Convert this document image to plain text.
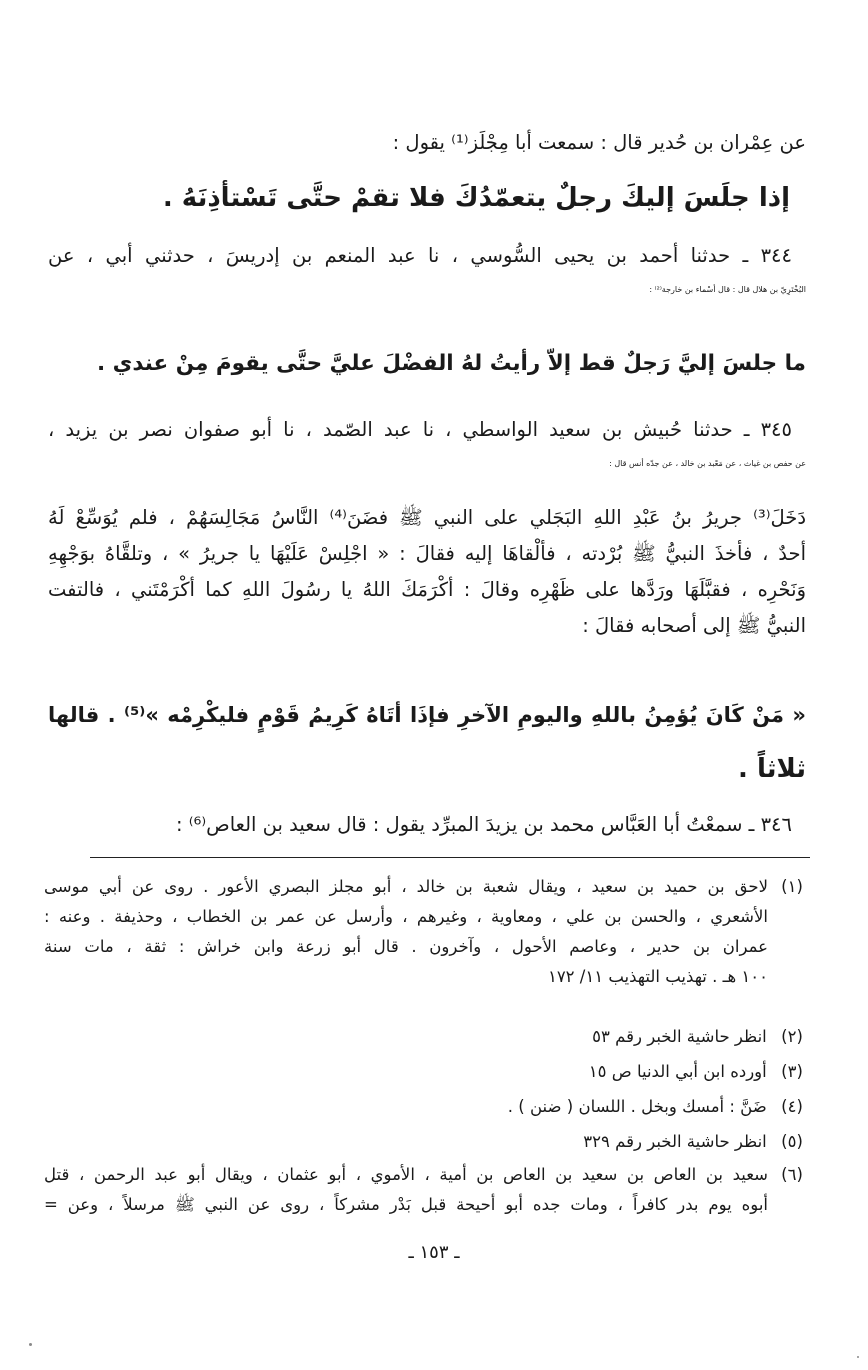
عن عِمْران بن حُدير قال : سمعت أبا مِجْلَز⁽¹⁾ يقول :

إذا جلَسَ إليكَ رجلٌ يتعمّدُكَ فلا تقمْ حتَّى تَسْتأذِنَهُ .

٣٤٤ ـ حدثنا أحمد بن يحيى السُّوسي ، نا عبد المنعم بن إدريسَ ، حدثني أبي ، عن
البُخْتَرِيّ بن هلال قال : قال أسْماء بن خارجة⁽²⁾ :

ما جلسَ إليَّ رَجلٌ قط إلاّ رأيتُ لهُ الفضْلَ عليَّ حتَّى يقومَ مِنْ عندي .

٣٤٥ ـ حدثنا حُبيش بن سعيد الواسطي ، نا عبد الصّمد ، نا أبو صفوان نصر بن يزيد ،
عن حفص بن غياث ، عن مَعْبد بن خالد ، عن جدّه أنس قال :

دَخَلَ⁽³⁾ جريرُ بنُ عَبْدِ اللهِ البَجَلي على النبي ﷺ فضَنَ⁽⁴⁾ النَّاسُ مَجَالِسَهُمْ ، فلم يُوَسِّعْ لَهُ
أحدٌ ، فأخذَ النبيُّ ﷺ بُرْدته ، فألْقاهَا إليه فقالَ : « اجْلِسْ عَلَيْهَا يا جريرُ » ، وتلقَّاهُ بوَجْهِهِ
وَنَحْرِه ، فقبَّلَهَا ورَدَّها على ظَهْرِه وقالَ : أكْرَمَكَ اللهُ يا رسُولَ اللهِ كما أكْرَمْتَني ، فالتفت
النبيُّ ﷺ إلى أصحابه فقالَ :

« مَنْ كَانَ يُؤمِنُ باللهِ واليومِ الآخرِ فإذَا أتَاهُ كَرِيمُ قَوْمٍ فليكْرِمْه »⁽⁵⁾ . قالها
ثلاثاً .

٣٤٦ ـ سمعْتُ أبا العَبَّاس محمد بن يزيدَ المبرِّد يقول : قال سعيد بن العاص⁽⁶⁾ :

(١)

لاحق بن حميد بن سعيد ، ويقال شعبة بن خالد ، أبو مجلز البصري الأعور . روى عن أبي موسى
الأشعري ، والحسن بن علي ، ومعاوية ، وغيرهم ، وأرسل عن عمر بن الخطاب ، وحذيفة . وعنه :
عمران بن حدير ، وعاصم الأحول ، وآخرون . قال أبو زرعة وابن خراش : ثقة ، مات سنة
١٠٠ هـ . تهذيب التهذيب ١١/ ١٧٢

(٢) انظر حاشية الخبر رقم ٥٣
(٣) أورده ابن أبي الدنيا ص ١٥
(٤) ضَنَّ : أمسك وبخل . اللسان ( ضنن ) .
(٥) انظر حاشية الخبر رقم ٣٢٩
(٦)

سعيد بن العاص بن سعيد بن العاص بن أمية ، الأموي ، أبو عثمان ، ويقال أبو عبد الرحمن ، قتل
أبوه يوم بدر كافراً ، ومات جده أبو أحيحة قبل بَدْر مشركاً ، روى عن النبي ﷺ مرسلاً ، وعن =

ـ ١٥٣ ـ
